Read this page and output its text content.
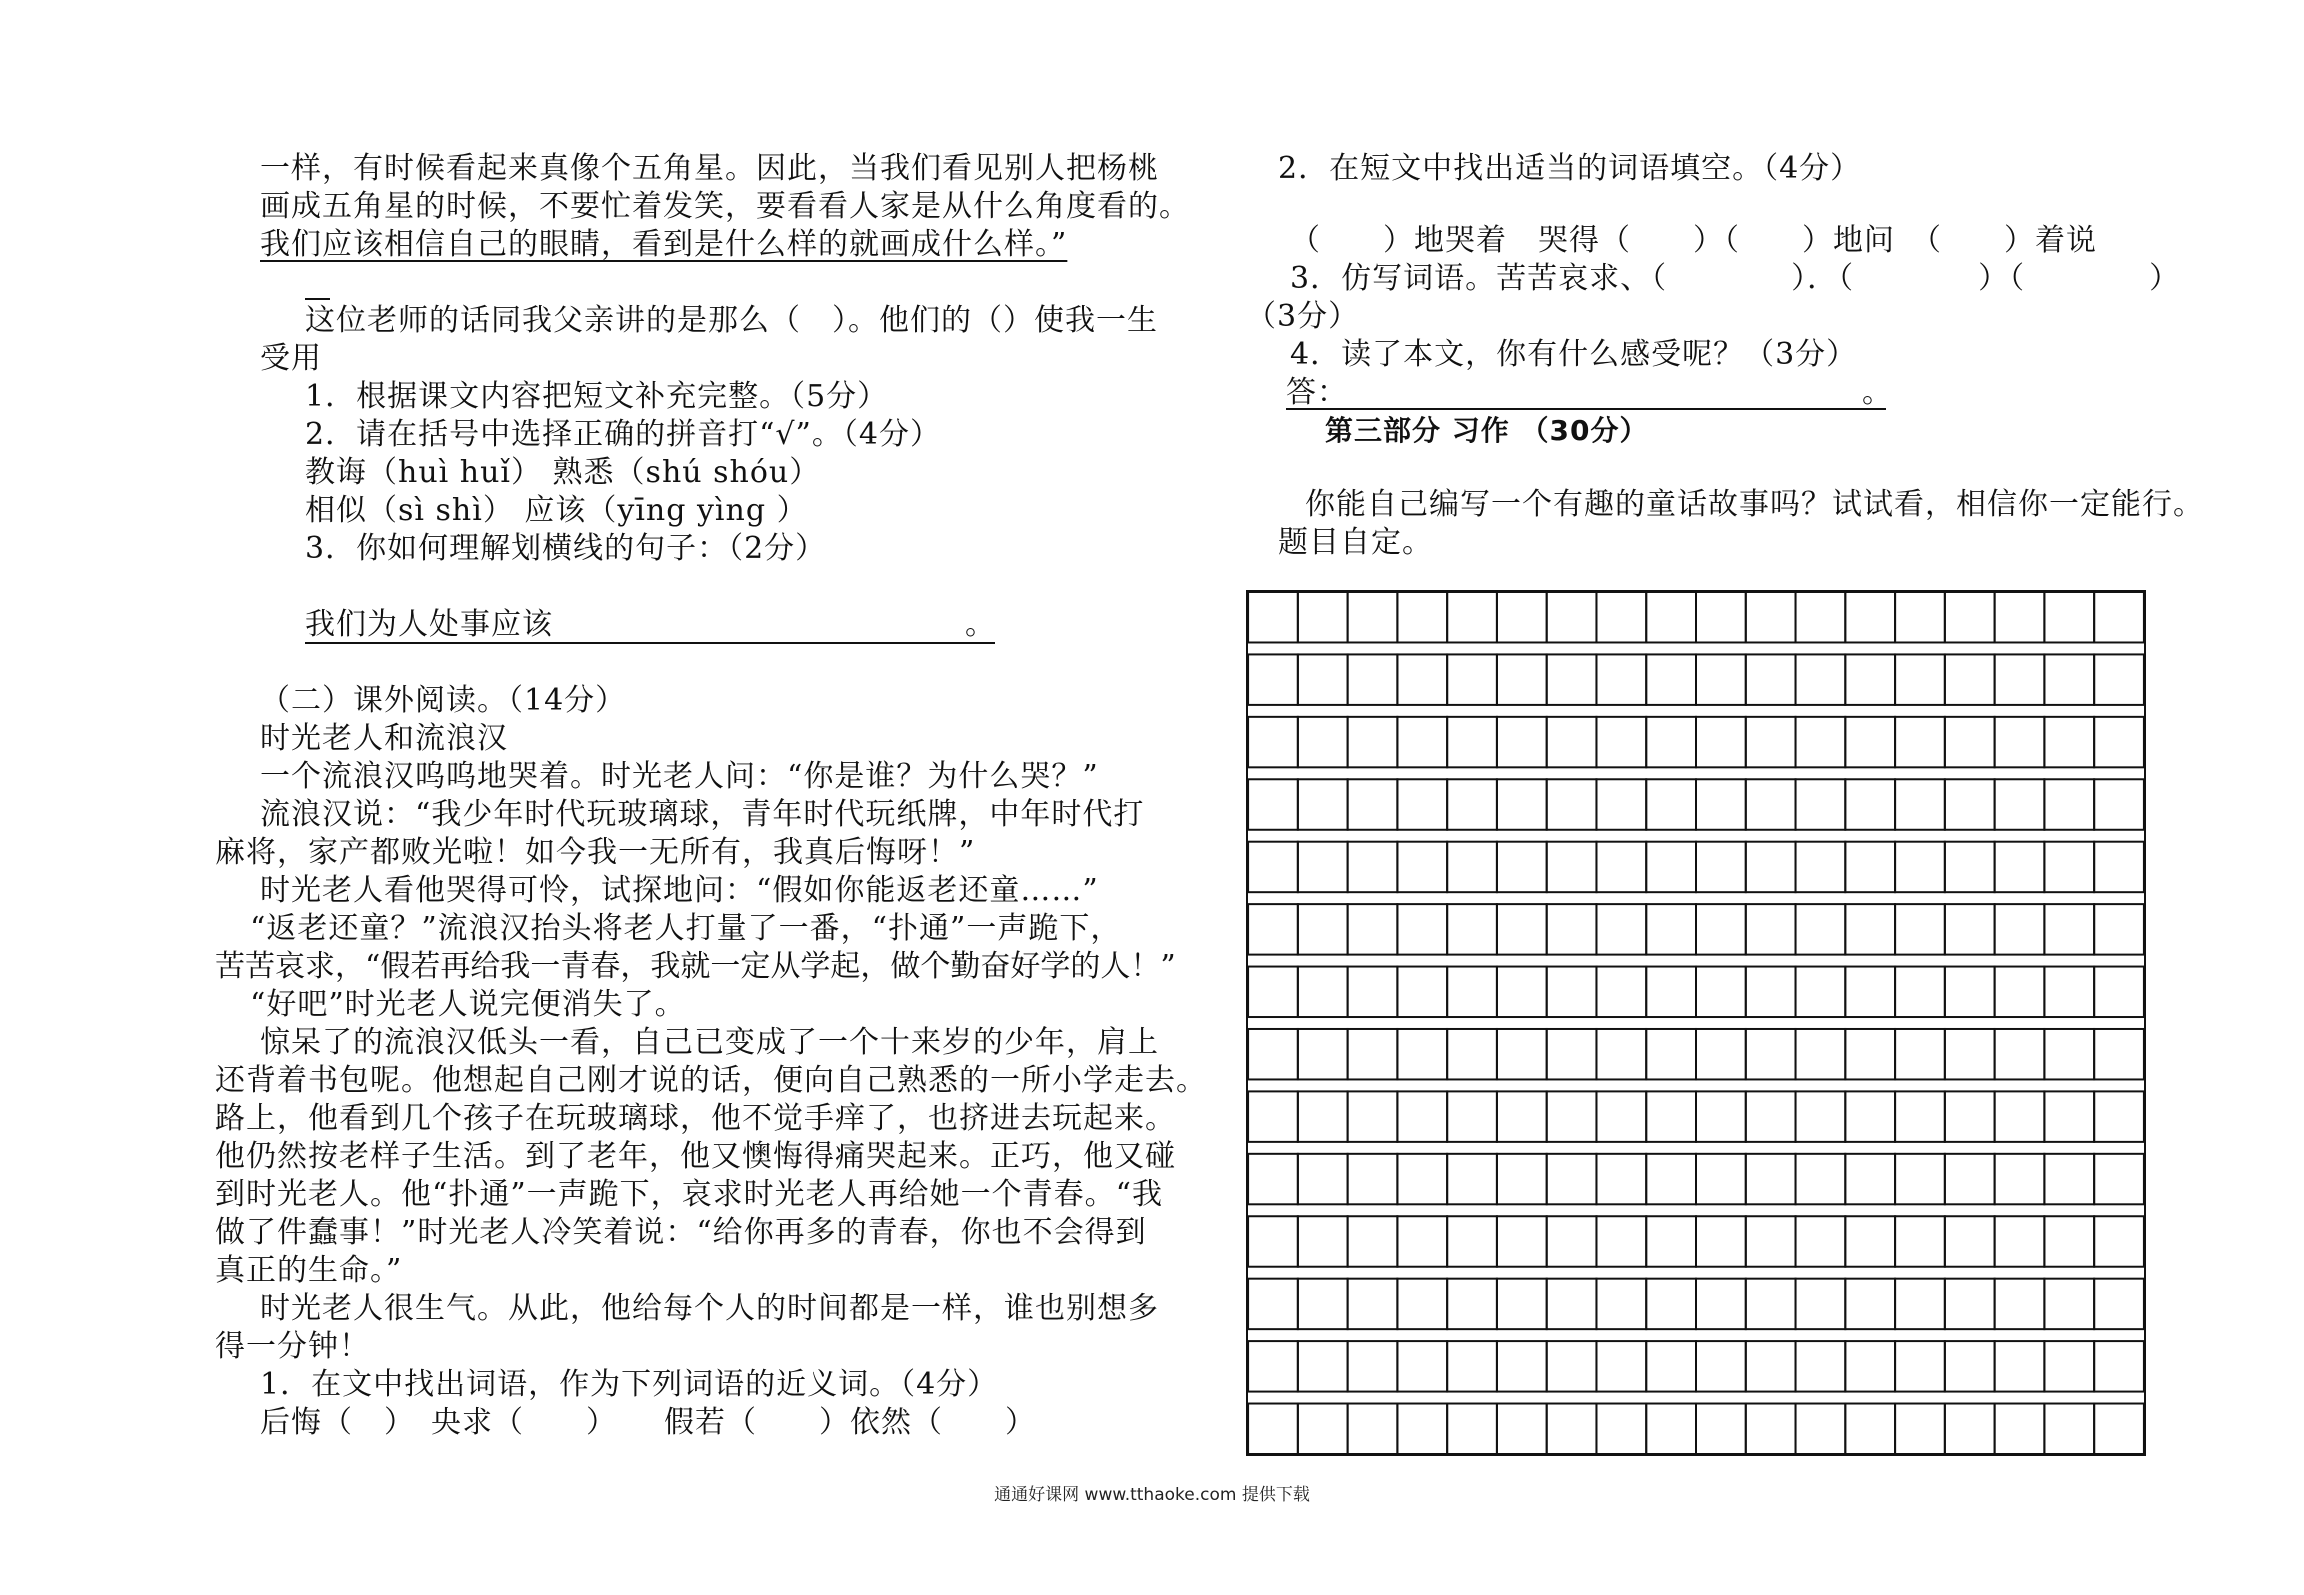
一样，有时候看起来真像个五角星。因此，当我们看见别人把杨桃
画成五角星的时候，不要忙着发笑，要看看人家是从什么角度看的。
我们应该相信自己的眼睛，看到是什么样的就画成什么样。”
这位老师的话同我父亲讲的是那么（　）。他们的（）使我一生
受用
1．根据课文内容把短文补充完整。（5分）
2．请在括号中选择正确的拼音打“√”。（4分）
教诲（huì huǐ） 熟悉（shú shóu）
相似（sì shì） 应该（yīng yìng ）
3．你如何理解划横线的句子：（2分）
我们为人处事应该	。
（二）课外阅读。（14分）
时光老人和流浪汉
一个流浪汉呜呜地哭着。时光老人问：“你是谁？为什么哭？”
流浪汉说：“我少年时代玩玻璃球，青年时代玩纸牌，中年时代打
麻将，家产都败光啦！如今我一无所有，我真后悔呀！”
时光老人看他哭得可怜，试探地问：“假如你能返老还童……”
“返老还童？”流浪汉抬头将老人打量了一番，“扑通”一声跪下，
苦苦哀求，“假若再给我一青春，我就一定从学起，做个勤奋好学的人！”
“好吧”时光老人说完便消失了。
惊呆了的流浪汉低头一看，自己已变成了一个十来岁的少年，肩上
还背着书包呢。他想起自己刚才说的话，便向自己熟悉的一所小学走去。
路上，他看到几个孩子在玩玻璃球，他不觉手痒了，也挤进去玩起来。
他仍然按老样子生活。到了老年，他又懊悔得痛哭起来。正巧，他又碰
到时光老人。他“扑通”一声跪下，哀求时光老人再给她一个青春。“我
做了件蠢事！”时光老人冷笑着说：“给你再多的青春，你也不会得到
真正的生命。”
时光老人很生气。从此，他给每个人的时间都是一样，谁也别想多
得一分钟！
1．在文中找出词语，作为下列词语的近义词。（4分）
后悔（　）　央求（　　）　　假若（　　）依然（　　）
2．在短文中找出适当的词语填空。（4分）
（　　）地哭着　哭得（　　）（　　）地问　（　　）着说
3．仿写词语。苦苦哀求、（　　　　）．（　　　　）（　　　　）
（3分）
4．读了本文，你有什么感受呢？（3分）
答：	。
第三部分 习作 （30分）
你能自己编写一个有趣的童话故事吗？试试看，相信你一定能行。
题目自定。
通通好课网 www.tthaoke.com 提供下载
